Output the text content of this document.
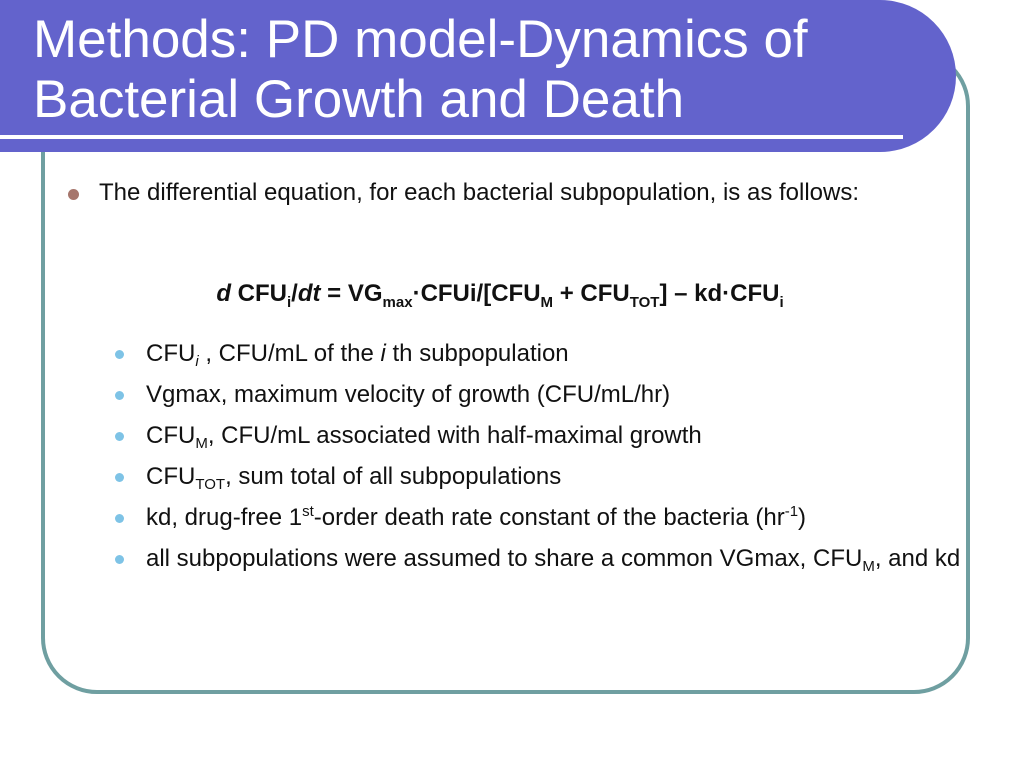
Methods: PD model-Dynamics of
Bacterial Growth and Death
The differential equation, for each bacterial subpopulation, is as follows:
d $CFU_i/dt$ = $VG_{max}\cdot CFUi/[CFU_M + CFU_{TOT}] - kd\cdot CFU_i$
$CFU_i$ , CFU/mL of the i th subpopulation
Vgmax, maximum velocity of growth (CFU/mL/hr)
$CFU_M$, CFU/mL associated with half-maximal growth
$CFU_{TOT}$, sum total of all subpopulations
kd, drug-free 1st-order death rate constant of the bacteria $(hr^{-1})$
all subpopulations were assumed to share a common VGmax, $CFU_M$, and kd
